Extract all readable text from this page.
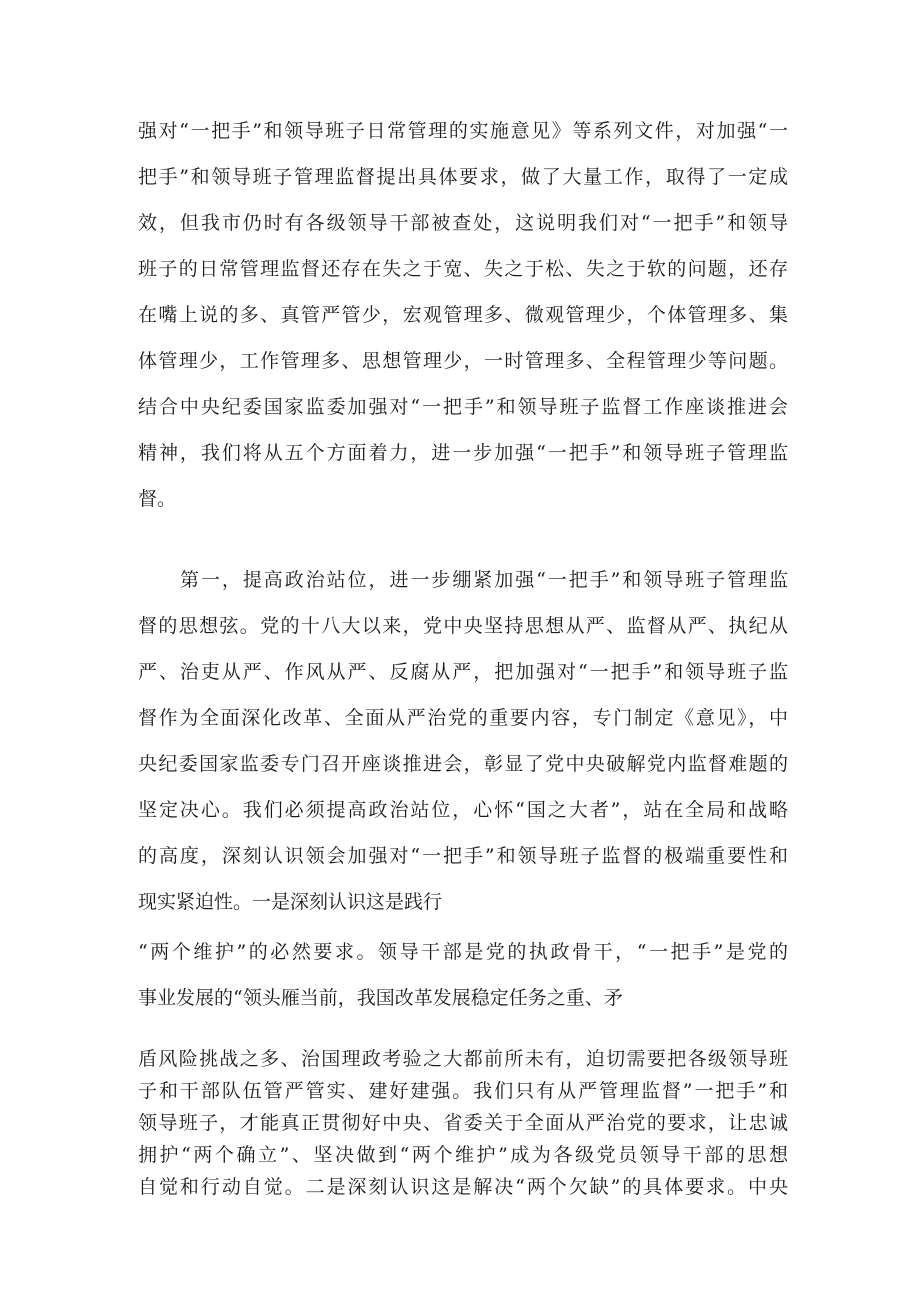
强对“一把手”和领导班子日常管理的实施意见》等系列文件，对加强“一
把手”和领导班子管理监督提出具体要求，做了大量工作，取得了一定成
效，但我市仍时有各级领导干部被查处，这说明我们对“一把手”和领导
班子的日常管理监督还存在失之于宽、失之于松、失之于软的问题，还存
在嘴上说的多、真管严管少，宏观管理多、微观管理少，个体管理多、集
体管理少，工作管理多、思想管理少，一时管理多、全程管理少等问题。
结合中央纪委国家监委加强对“一把手”和领导班子监督工作座谈推进会
精神，我们将从五个方面着力，进一步加强“一把手”和领导班子管理监
督。
第一，提高政治站位，进一步绷紧加强“一把手”和领导班子管理监
督的思想弦。党的十八大以来，党中央坚持思想从严、监督从严、执纪从
严、治吏从严、作风从严、反腐从严，把加强对“一把手”和领导班子监
督作为全面深化改革、全面从严治党的重要内容，专门制定《意见》，中
央纪委国家监委专门召开座谈推进会，彰显了党中央破解党内监督难题的
坚定决心。我们必须提高政治站位，心怀“国之大者”，站在全局和战略
的高度，深刻认识领会加强对“一把手”和领导班子监督的极端重要性和
现实紧迫性。一是深刻认识这是践行
“两个维护”的必然要求。领导干部是党的执政骨干，“一把手”是党的
事业发展的“领头雁当前，我国改革发展稳定任务之重、矛
盾风险挑战之多、治国理政考验之大都前所未有，迫切需要把各级领导班
子和干部队伍管严管实、建好建强。我们只有从严管理监督”一把手”和
领导班子，才能真正贯彻好中央、省委关于全面从严治党的要求，让忠诚
拥护“两个确立”、坚决做到“两个维护”成为各级党员领导干部的思想
自觉和行动自觉。二是深刻认识这是解决“两个欠缺”的具体要求。中央
